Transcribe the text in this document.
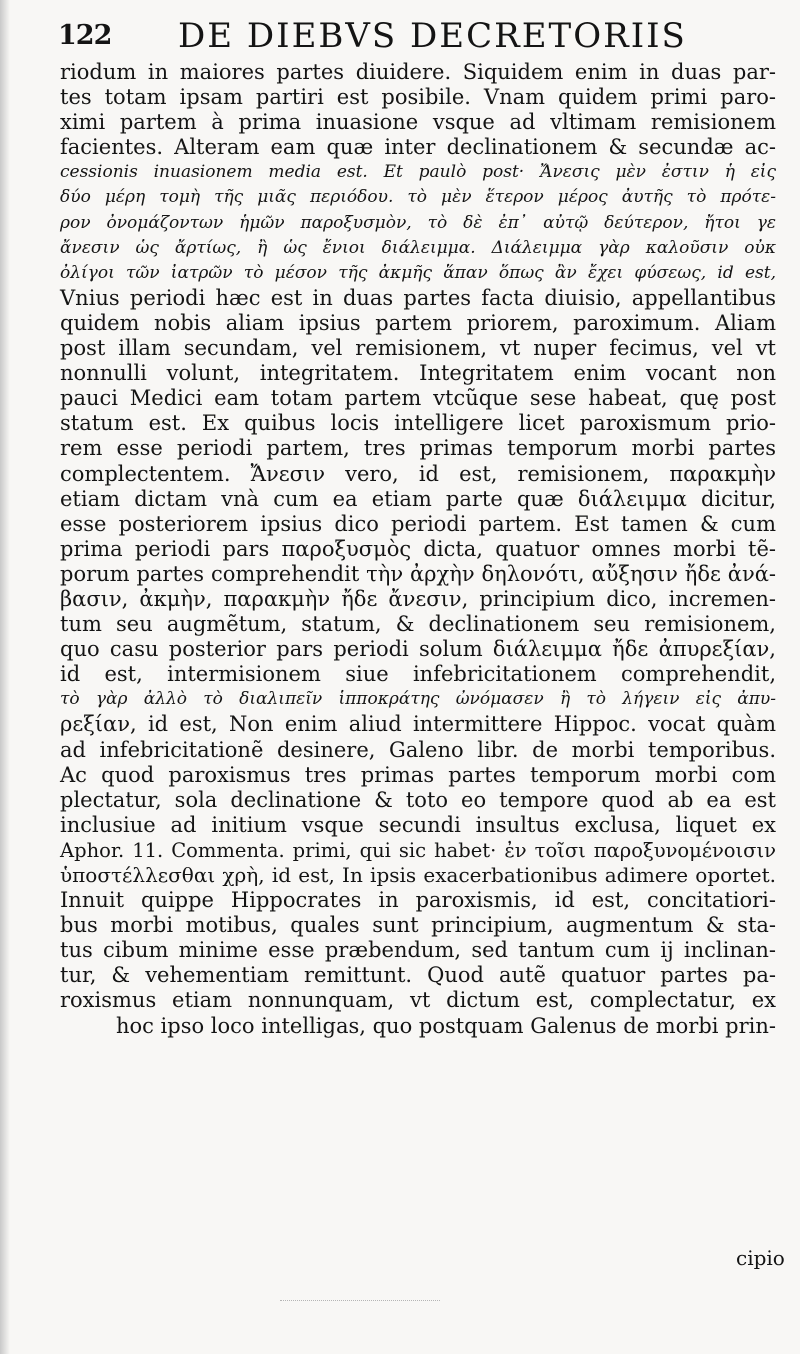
122 DE DIEBVS DECRETORIIS
riodum in maiores partes diuidere. Siquidem enim in duas par-
tes totam ipsam partiri est posibile. Vnam quidem primi paro-
ximi partem à prima inuasione vsque ad vltimam remisionem
facientes. Alteram eam quæ inter declinationem & secundæ ac-
cessionis inuasionem media est. Et paulò post· Ἄνεσις μὲν ἐστιν ἡ εἰς
δύο μέρη τομὴ τῆς μιᾶς περιόδου. τὸ μὲν ἕτερον μέρος ἀυτῆς τὸ πρότε-
ρον ὀνομάζοντων ἡμῶν παροξυσμὸν, τὸ δὲ ἐπ᾽ αὐτῷ δεύτερον, ἤτοι γε
ἄνεσιν ὡς ἄρτίως, ἢ ὡς ἔνιοι διάλειμμα. Διάλειμμα γὰρ καλοῦσιν οὐκ
ὀλίγοι τῶν ἰατρῶν τὸ μέσον τῆς ἀκμῆς ἅπαν ὅπως ἂν ἔχει φύσεως, id est,
Vnius periodi hæc est in duas partes facta diuisio, appellantibus
quidem nobis aliam ipsius partem priorem, paroximum. Aliam
post illam secundam, vel remisionem, vt nuper fecimus, vel vt
nonnulli volunt, integritatem. Integritatem enim vocant non
pauci Medici eam totam partem vtcũque sese habeat, quę post
statum est. Ex quibus locis intelligere licet paroxismum prio-
rem esse periodi partem, tres primas temporum morbi partes
complectentem. Ἄνεσιν vero, id est, remisionem, παρακμὴν
etiam dictam vnà cum ea etiam parte quæ διάλειμμα dicitur,
esse posteriorem ipsius dico periodi partem. Est tamen & cum
prima periodi pars παροξυσμὸς dicta, quatuor omnes morbi tẽ-
porum partes comprehendit τὴν ἀρχὴν δηλονότι, αὔξησιν ἤδε ἀνά-
βασιν, ἀκμὴν, παρακμὴν ἤδε ἄνεσιν, principium dico, incremen-
tum seu augmẽtum, statum, & declinationem seu remisionem,
quo casu posterior pars periodi solum διάλειμμα ἤδε ἀπυρεξίαν,
id est, intermisionem siue infebricitationem comprehendit,
τὸ γὰρ ἀλλὸ τὸ διαλιπεῖν ἱπποκράτης ὠνόμασεν ἢ τὸ λήγειν εἰς ἀπυ-
ρεξίαν, id est, Non enim aliud intermittere Hippoc. vocat quàm
ad infebricitationẽ desinere, Galeno libr. de morbi temporibus.
Ac quod paroxismus tres primas partes temporum morbi com
plectatur, sola declinatione & toto eo tempore quod ab ea est
inclusiue ad initium vsque secundi insultus exclusa, liquet ex
Aphor. 11. Commenta. primi, qui sic habet· ἐν τοῖσι παροξυνομένοισιν
ὑποστέλλεσθαι χρὴ, id est, In ipsis exacerbationibus adimere oportet.
Innuit quippe Hippocrates in paroxismis, id est, concitatiori-
bus morbi motibus, quales sunt principium, augmentum & sta-
tus cibum minime esse præbendum, sed tantum cum ij inclinan-
tur, & vehementiam remittunt. Quod autẽ quatuor partes pa-
roxismus etiam nonnunquam, vt dictum est, complectatur, ex
hoc ipso loco intelligas, quo postquam Galenus de morbi prin-
cipio
